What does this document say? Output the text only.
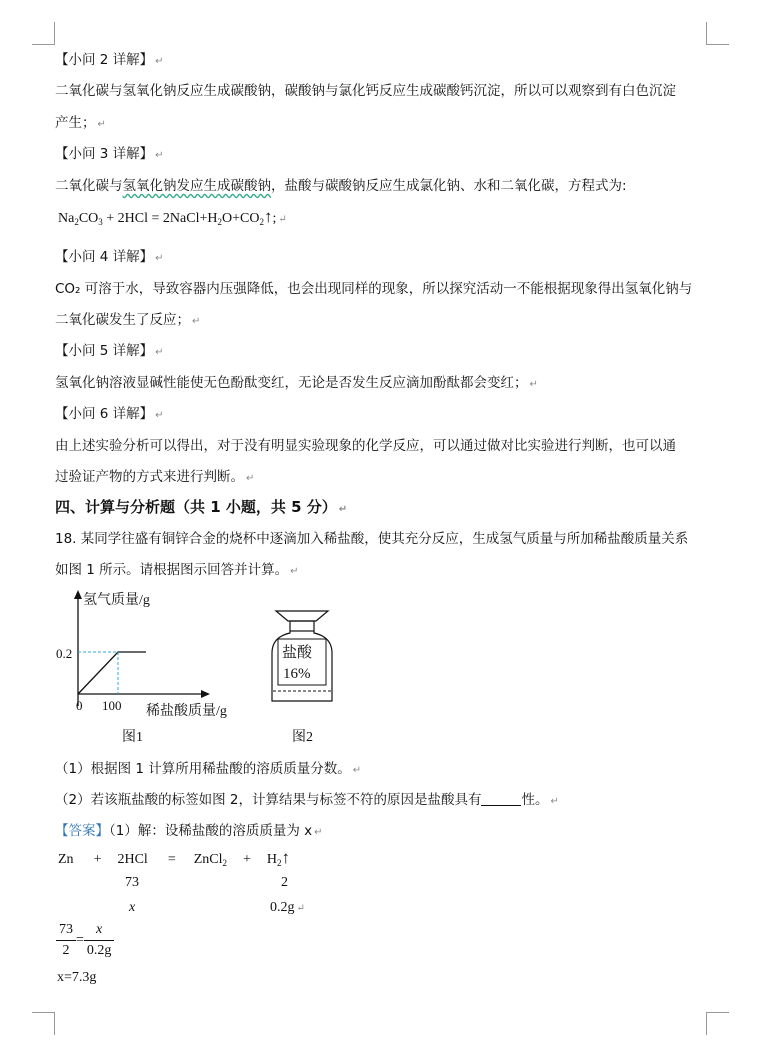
【小问 2 详解】 ↵
二氧化碳与氢氧化钠反应生成碳酸钠，碳酸钠与氯化钙反应生成碳酸钙沉淀，所以可以观察到有白色沉淀
产生； ↵
【小问 3 详解】 ↵
二氧化碳与氢氧化钠发应生成碳酸钠，盐酸与碳酸钠反应生成氯化钠、水和二氧化碳，方程式为:
$Na_2CO_3 + 2HCl$ = $2NaCl+H_2O+CO_2↑$; ↵
【小问 4 详解】 ↵
CO₂ 可溶于水，导致容器内压强降低，也会出现同样的现象，所以探究活动一不能根据现象得出氢氧化钠与
二氧化碳发生了反应； ↵
【小问 5 详解】 ↵
氢氧化钠溶液显碱性能使无色酚酞变红，无论是否发生反应滴加酚酞都会变红； ↵
【小问 6 详解】 ↵
由上述实验分析可以得出，对于没有明显实验现象的化学反应，可以通过做对比实验进行判断，也可以通
过验证产物的方式来进行判断。 ↵
四、计算与分析题（共 1 小题，共 5 分） ↵
18. 某同学往盛有铜锌合金的烧杯中逐滴加入稀盐酸，使其充分反应，生成氢气质量与所加稀盐酸质量关系
如图 1 所示。请根据图示回答并计算。 ↵
氢气质量/g
0.2
0 100 稀盐酸质量/g
图1
盐酸
16%
图2
（1）根据图 1 计算所用稀盐酸的溶质质量分数。 ↵
（2）若该瓶盐酸的标签如图 2，计算结果与标签不符的原因是盐酸具有	性。 ↵
【答案】（1）解：设稀盐酸的溶质质量为 x ↵
Zn + 2HCl = ZnCl$_2$ + $H_2↑$
73	2
x	0.2g ↵
$\frac{73}{2} = \frac{x}{0.2g}$
x=7.3g
